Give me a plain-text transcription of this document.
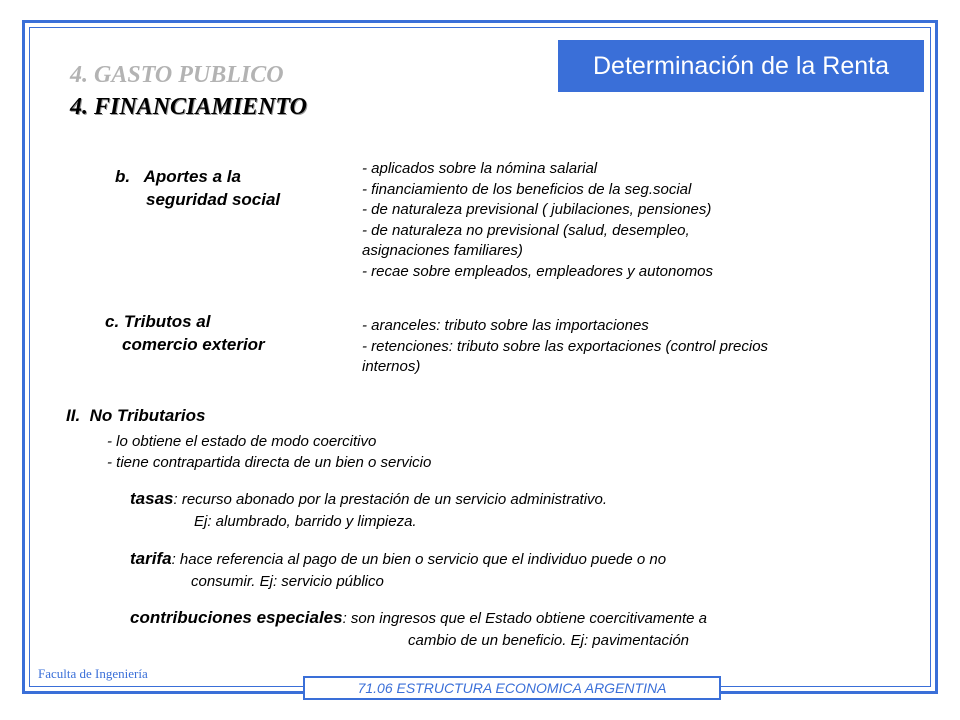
Determinación de la Renta
4. GASTO PUBLICO
4. FINANCIAMIENTO
b.   Aportes a la
seguridad social
- aplicados sobre la nómina salarial
- financiamiento de los beneficios de la seg.social
- de naturaleza previsional ( jubilaciones, pensiones)
- de naturaleza no previsional (salud, desempleo,
asignaciones familiares)
- recae sobre empleados, empleadores y autonomos
c. Tributos al
comercio exterior
- aranceles: tributo sobre las importaciones
- retenciones: tributo sobre las exportaciones (control precios
internos)
II.  No Tributarios
- lo obtiene el estado de modo coercitivo
- tiene contrapartida directa de un bien o servicio
tasas: recurso abonado por la prestación de un servicio administrativo.
Ej: alumbrado, barrido y limpieza.
tarifa: hace referencia al pago de un bien o servicio que el individuo puede o no
consumir. Ej: servicio público
contribuciones especiales: son ingresos que el Estado obtiene coercitivamente a
cambio de un beneficio. Ej: pavimentación
Faculta de Ingeniería
71.06 ESTRUCTURA ECONOMICA ARGENTINA
